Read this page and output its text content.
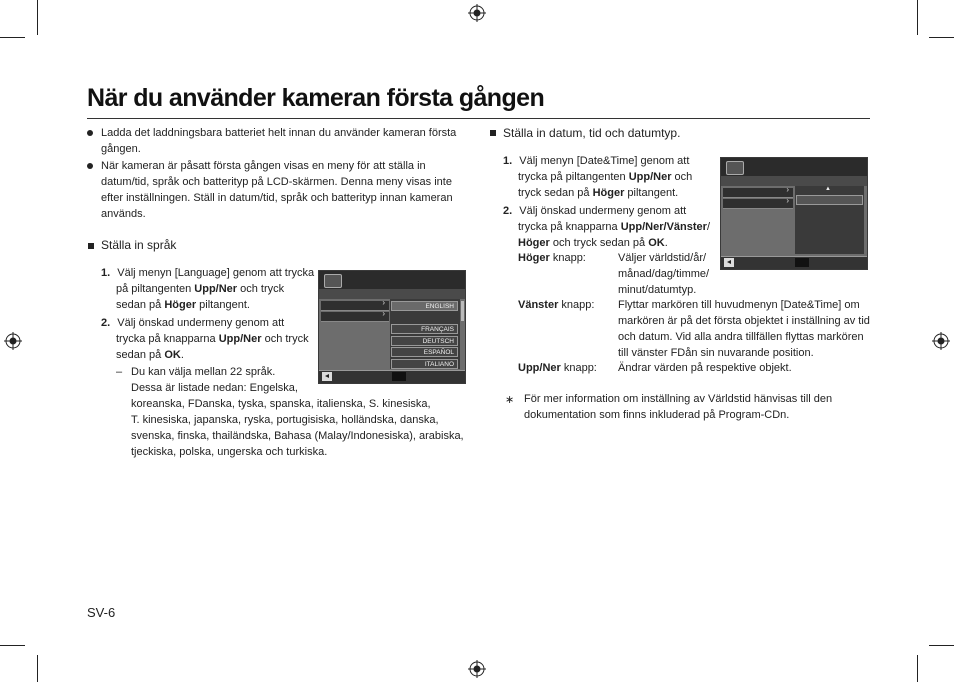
När du använder kameran första gången
Ladda det laddningsbara batteriet helt innan du använder kameran första gången.
När kameran är påsatt första gången visas en meny för att ställa in datum/tid, språk och batterityp på LCD-skärmen. Denna meny visas inte efter inställningen. Ställ in datum/tid, språk och batterityp innan kameran används.
Ställa in språk
1. Välj menyn [Language] genom att trycka
på piltangenten Upp/Ner och tryck
sedan på Höger piltangent.
2. Välj önskad undermeny genom att
trycka på knapparna Upp/Ner och tryck
sedan på OK.
– Du kan välja mellan 22 språk.
Dessa är listade nedan: Engelska,
koreanska, FDanska, tyska, spanska, italienska, S. kinesiska,
T. kinesiska, japanska, ryska, portugisiska, holländska, danska,
svenska, finska, thailändska, Bahasa (Malay/Indonesiska), arabiska,
tjeckiska, polska, ungerska och turkiska.
›
›
ENGLISH
FRANÇAIS
DEUTSCH
ESPAÑOL
ITALIANO
Ställa in datum, tid och datumtyp.
1. Välj menyn [Date&Time] genom att
trycka på piltangenten Upp/Ner och
tryck sedan på Höger piltangent.
2. Välj önskad undermeny genom att
trycka på knapparna Upp/Ner/Vänster/
Höger och tryck sedan på OK.
Höger knapp:	Väljer världstid/år/
månad/dag/timme/
minut/datumtyp.
Vänster knapp: Flyttar markören till huvudmenyn [Date&Time] om
markören är på det första objektet i inställning av tid
och datum. Vid alla andra tillfällen flyttas markören
till vänster FDån sin nuvarande position.
Upp/Ner knapp: Ändrar värden på respektive objekt.
∗ För mer information om inställning av Världstid hänvisas till den
dokumentation som finns inkluderad på Program-CDn.
›
›
▲
SV-6
